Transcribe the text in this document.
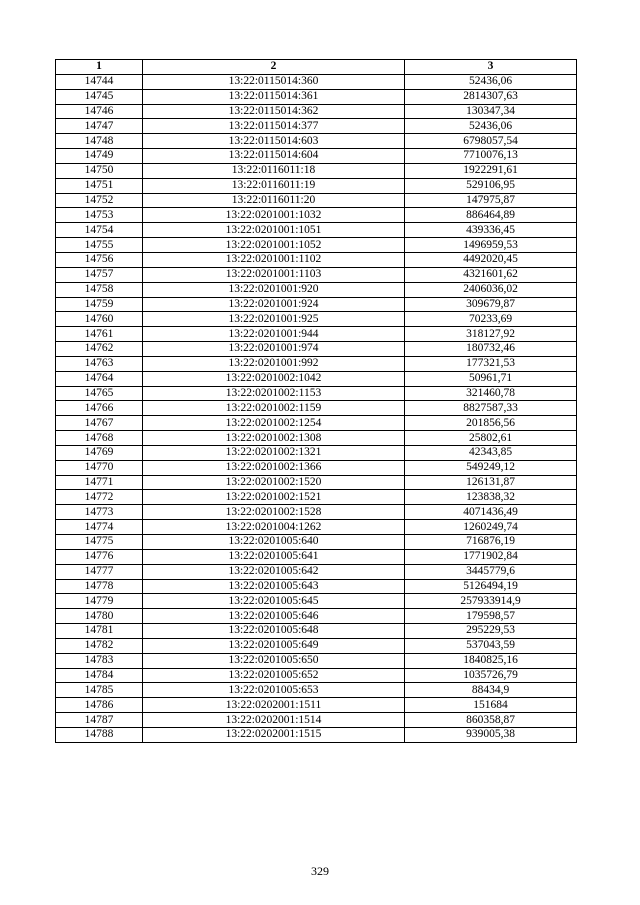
1	2	3
14744	13:22:0115014:360	52436,06
14745	13:22:0115014:361	2814307,63
14746	13:22:0115014:362	130347,34
14747	13:22:0115014:377	52436,06
14748	13:22:0115014:603	6798057,54
14749	13:22:0115014:604	7710076,13
14750	13:22:0116011:18	1922291,61
14751	13:22:0116011:19	529106,95
14752	13:22:0116011:20	147975,87
14753	13:22:0201001:1032	886464,89
14754	13:22:0201001:1051	439336,45
14755	13:22:0201001:1052	1496959,53
14756	13:22:0201001:1102	4492020,45
14757	13:22:0201001:1103	4321601,62
14758	13:22:0201001:920	2406036,02
14759	13:22:0201001:924	309679,87
14760	13:22:0201001:925	70233,69
14761	13:22:0201001:944	318127,92
14762	13:22:0201001:974	180732,46
14763	13:22:0201001:992	177321,53
14764	13:22:0201002:1042	50961,71
14765	13:22:0201002:1153	321460,78
14766	13:22:0201002:1159	8827587,33
14767	13:22:0201002:1254	201856,56
14768	13:22:0201002:1308	25802,61
14769	13:22:0201002:1321	42343,85
14770	13:22:0201002:1366	549249,12
14771	13:22:0201002:1520	126131,87
14772	13:22:0201002:1521	123838,32
14773	13:22:0201002:1528	4071436,49
14774	13:22:0201004:1262	1260249,74
14775	13:22:0201005:640	716876,19
14776	13:22:0201005:641	1771902,84
14777	13:22:0201005:642	3445779,6
14778	13:22:0201005:643	5126494,19
14779	13:22:0201005:645	257933914,9
14780	13:22:0201005:646	179598,57
14781	13:22:0201005:648	295229,53
14782	13:22:0201005:649	537043,59
14783	13:22:0201005:650	1840825,16
14784	13:22:0201005:652	1035726,79
14785	13:22:0201005:653	88434,9
14786	13:22:0202001:1511	151684
14787	13:22:0202001:1514	860358,87
14788	13:22:0202001:1515	939005,38
329
